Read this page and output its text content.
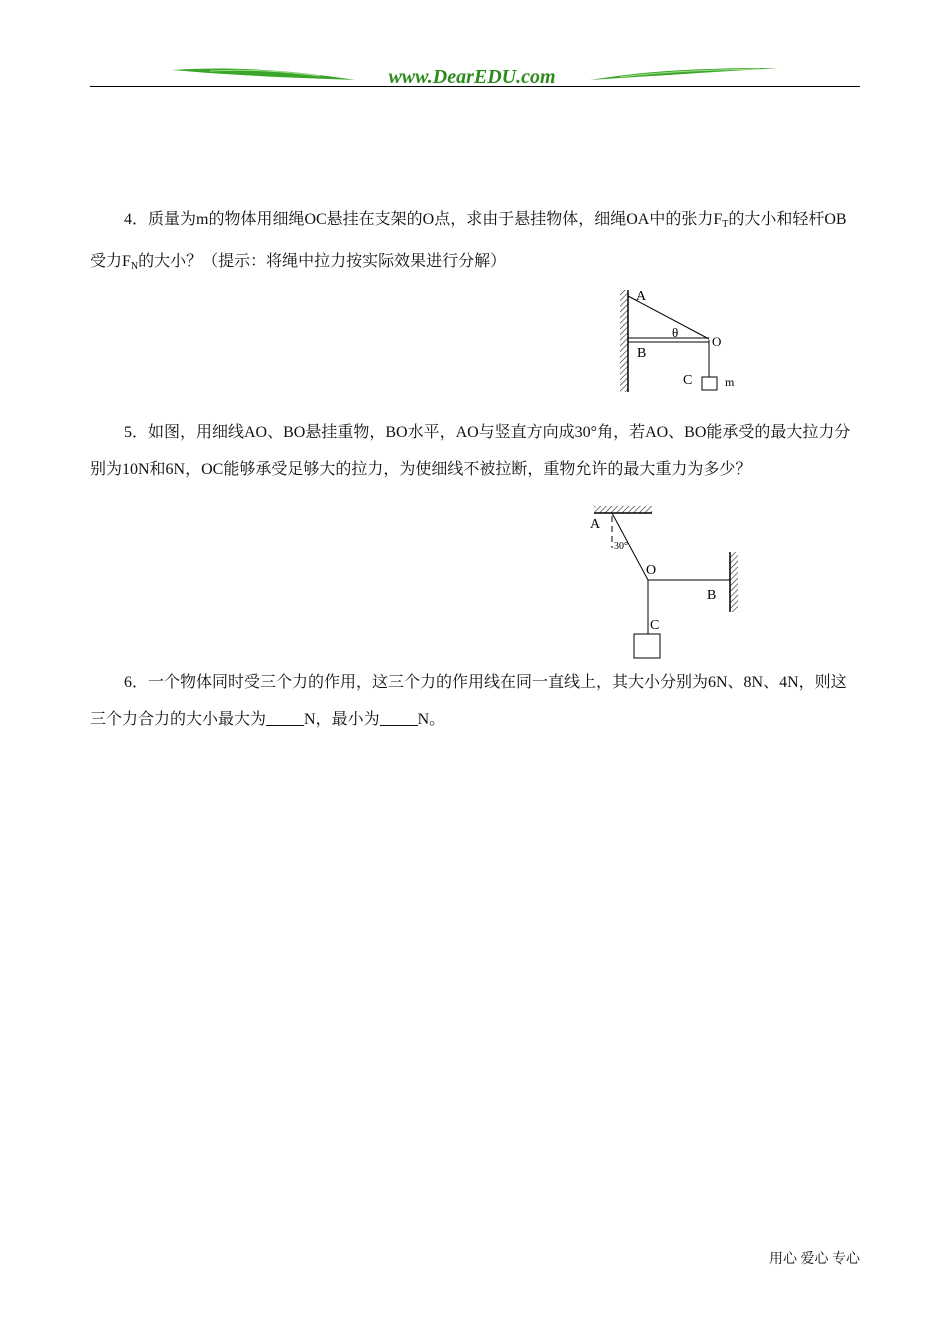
www.DearEDU.com

4．质量为m的物体用细绳OC悬挂在支架的O点，求由于悬挂物体，细绳OA中的张力$F_T$的大小和轻杆OB受力$F_N$的大小？（提示：将绳中拉力按实际效果进行分解）

A
θ
O
B
C	m

5．如图，用细线AO、BO悬挂重物，BO水平，AO与竖直方向成30°角，若AO、BO能承受的最大拉力分别为10N和6N，OC能够承受足够大的拉力，为使细线不被拉断，重物允许的最大重力为多少？

A
30°
O
B
C

6．一个物体同时受三个力的作用，这三个力的作用线在同一直线上，其大小分别为6N、8N、4N，则这三个力合力的大小最大为 N，最小为 N。

用心 爱心 专心
